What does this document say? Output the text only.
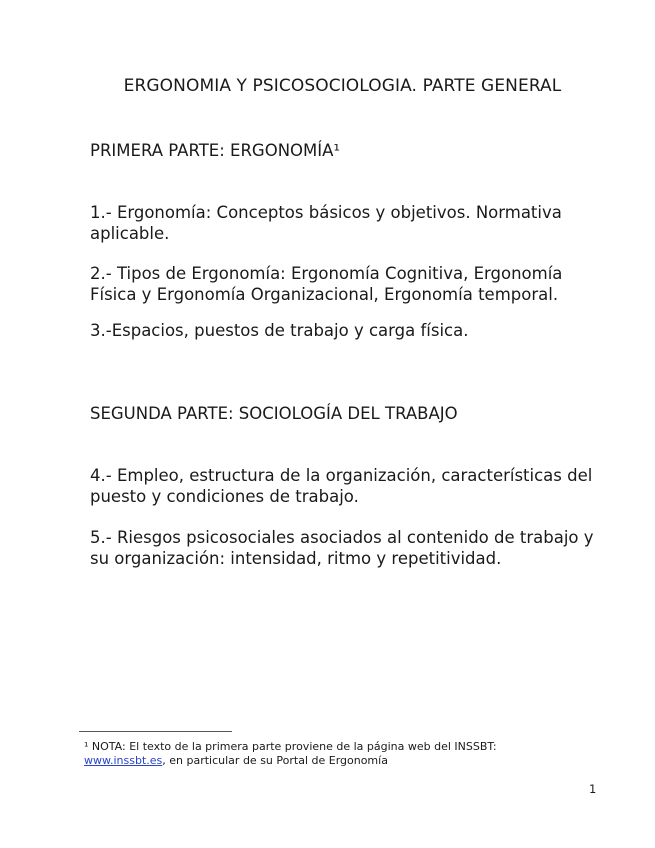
ERGONOMIA Y PSICOSOCIOLOGIA. PARTE GENERAL
PRIMERA PARTE: ERGONOMÍA¹
1.- Ergonomía: Conceptos básicos y objetivos. Normativa aplicable.
2.- Tipos de Ergonomía: Ergonomía Cognitiva, Ergonomía Física y Ergonomía Organizacional, Ergonomía temporal.
3.-Espacios, puestos de trabajo y carga física.
SEGUNDA PARTE: SOCIOLOGÍA DEL TRABAJO
4.- Empleo, estructura de la organización, características del puesto y condiciones de trabajo.
5.- Riesgos psicosociales asociados al contenido de trabajo y su organización: intensidad, ritmo y repetitividad.
¹ NOTA: El texto de la primera parte proviene de la página web del INSSBT:
www.inssbt.es, en particular de su Portal de Ergonomía
1
